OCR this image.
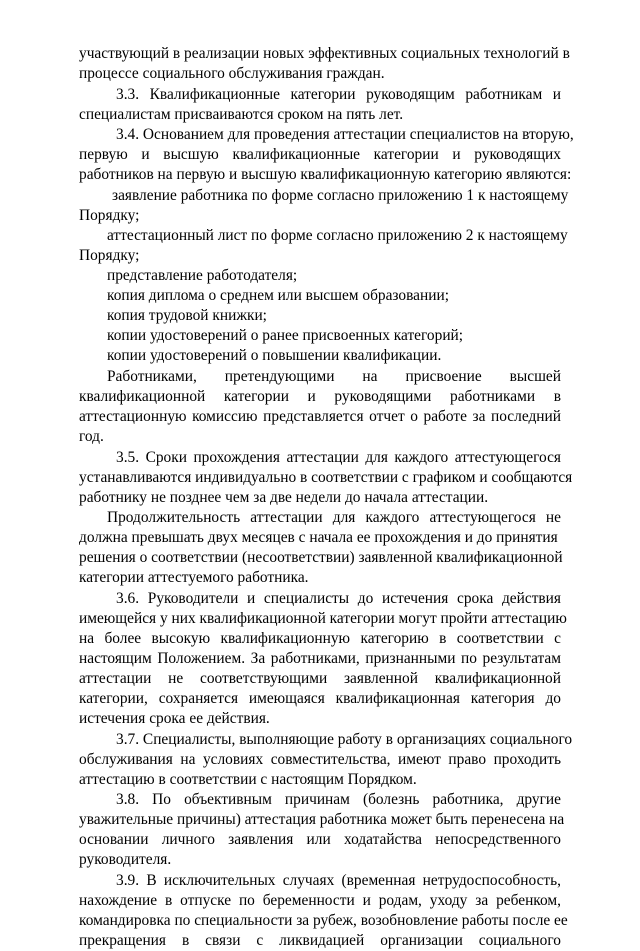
участвующий в реализации новых эффективных социальных технологий в
процессе социального обслуживания граждан.
3.3. Квалификационные категории руководящим работникам и
специалистам присваиваются сроком на пять лет.
3.4. Основанием для проведения аттестации специалистов на вторую,
первую и высшую квалификационные категории и руководящих
работников на первую и высшую квалификационную категорию являются:
заявление работника по форме согласно приложению 1 к настоящему
Порядку;
аттестационный лист по форме согласно приложению 2 к настоящему
Порядку;
представление работодателя;
копия диплома о среднем или высшем образовании;
копия трудовой книжки;
копии удостоверений о ранее присвоенных категорий;
копии удостоверений о повышении квалификации.
Работниками, претендующими на присвоение высшей
квалификационной категории и руководящими работниками в
аттестационную комиссию представляется отчет о работе за последний
год.
3.5. Сроки прохождения аттестации для каждого аттестующегося
устанавливаются индивидуально в соответствии с графиком и сообщаются
работнику не позднее чем за две недели до начала аттестации.
Продолжительность аттестации для каждого аттестующегося не
должна превышать двух месяцев с начала ее прохождения и до принятия
решения о соответствии (несоответствии) заявленной квалификационной
категории аттестуемого работника.
3.6. Руководители и специалисты до истечения срока действия
имеющейся у них квалификационной категории могут пройти аттестацию
на более высокую квалификационную категорию в соответствии с
настоящим Положением. За работниками, признанными по результатам
аттестации не соответствующими заявленной квалификационной
категории, сохраняется имеющаяся квалификационная категория до
истечения срока ее действия.
3.7. Специалисты, выполняющие работу в организациях социального
обслуживания на условиях совместительства, имеют право проходить
аттестацию в соответствии с настоящим Порядком.
3.8. По объективным причинам (болезнь работника, другие
уважительные причины) аттестация работника может быть перенесена на
основании личного заявления или ходатайства непосредственного
руководителя.
3.9. В исключительных случаях (временная нетрудоспособность,
нахождение в отпуске по беременности и родам, уходу за ребенком,
командировка по специальности за рубеж, возобновление работы после ее
прекращения в связи с ликвидацией организации социального
